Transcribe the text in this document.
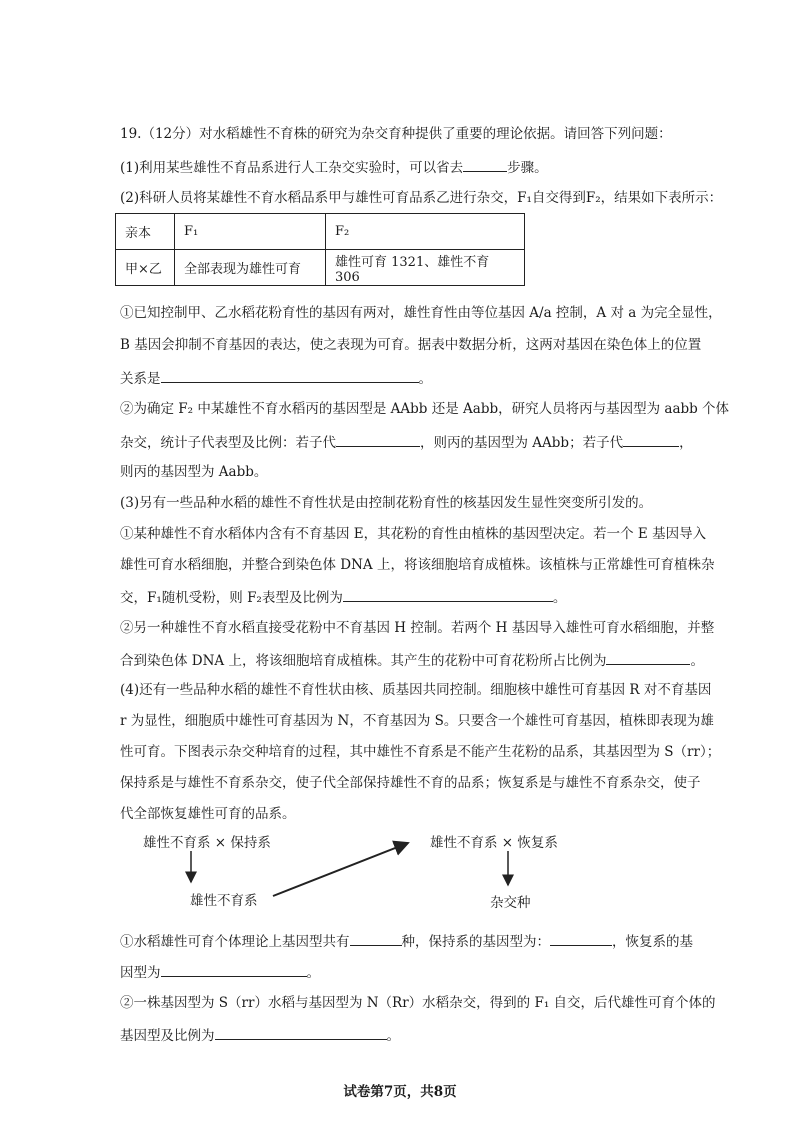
19.（12分）对水稻雄性不育株的研究为杂交育种提供了重要的理论依据。请回答下列问题：
(1)利用某些雄性不育品系进行人工杂交实验时，可以省去	步骤。
(2)科研人员将某雄性不育水稻品系甲与雄性可育品系乙进行杂交，F₁自交得到F₂，结果如下表所示：
亲本	F₁	F₂
甲×乙	全部表现为雄性可育	雄性可育 1321、雄性不育 306
①已知控制甲、乙水稻花粉育性的基因有两对，雄性育性由等位基因 A/a 控制，A 对 a 为完全显性，
B 基因会抑制不育基因的表达，使之表现为可育。据表中数据分析，这两对基因在染色体上的位置
关系是	。
②为确定 F₂ 中某雄性不育水稻丙的基因型是 AAbb 还是 Aabb，研究人员将丙与基因型为 aabb 个体
杂交，统计子代表型及比例：若子代	，则丙的基因型为 AAbb；若子代	，
则丙的基因型为 Aabb。
(3)另有一些品种水稻的雄性不育性状是由控制花粉育性的核基因发生显性突变所引发的。
①某种雄性不育水稻体内含有不育基因 E，其花粉的育性由植株的基因型决定。若一个 E 基因导入
雄性可育水稻细胞，并整合到染色体 DNA 上，将该细胞培育成植株。该植株与正常雄性可育植株杂
交，F₁随机受粉，则 F₂表型及比例为	。
②另一种雄性不育水稻直接受花粉中不育基因 H 控制。若两个 H 基因导入雄性可育水稻细胞，并整
合到染色体 DNA 上，将该细胞培育成植株。其产生的花粉中可育花粉所占比例为	。
(4)还有一些品种水稻的雄性不育性状由核、质基因共同控制。细胞核中雄性可育基因 R 对不育基因
r 为显性，细胞质中雄性可育基因为 N，不育基因为 S。只要含一个雄性可育基因，植株即表现为雄
性可育。下图表示杂交种培育的过程，其中雄性不育系是不能产生花粉的品系，其基因型为 S（rr）；
保持系是与雄性不育系杂交，使子代全部保持雄性不育的品系；恢复系是与雄性不育系杂交，使子
代全部恢复雄性可育的品系。
雄性不育系 × 保持系
雄性不育系
雄性不育系 × 恢复系
杂交种
①水稻雄性可育个体理论上基因型共有	种，保持系的基因型为：	，恢复系的基
因型为	。
②一株基因型为 S（rr）水稻与基因型为 N（Rr）水稻杂交，得到的 F₁ 自交，后代雄性可育个体的
基因型及比例为	。
试卷第7页，共8页
